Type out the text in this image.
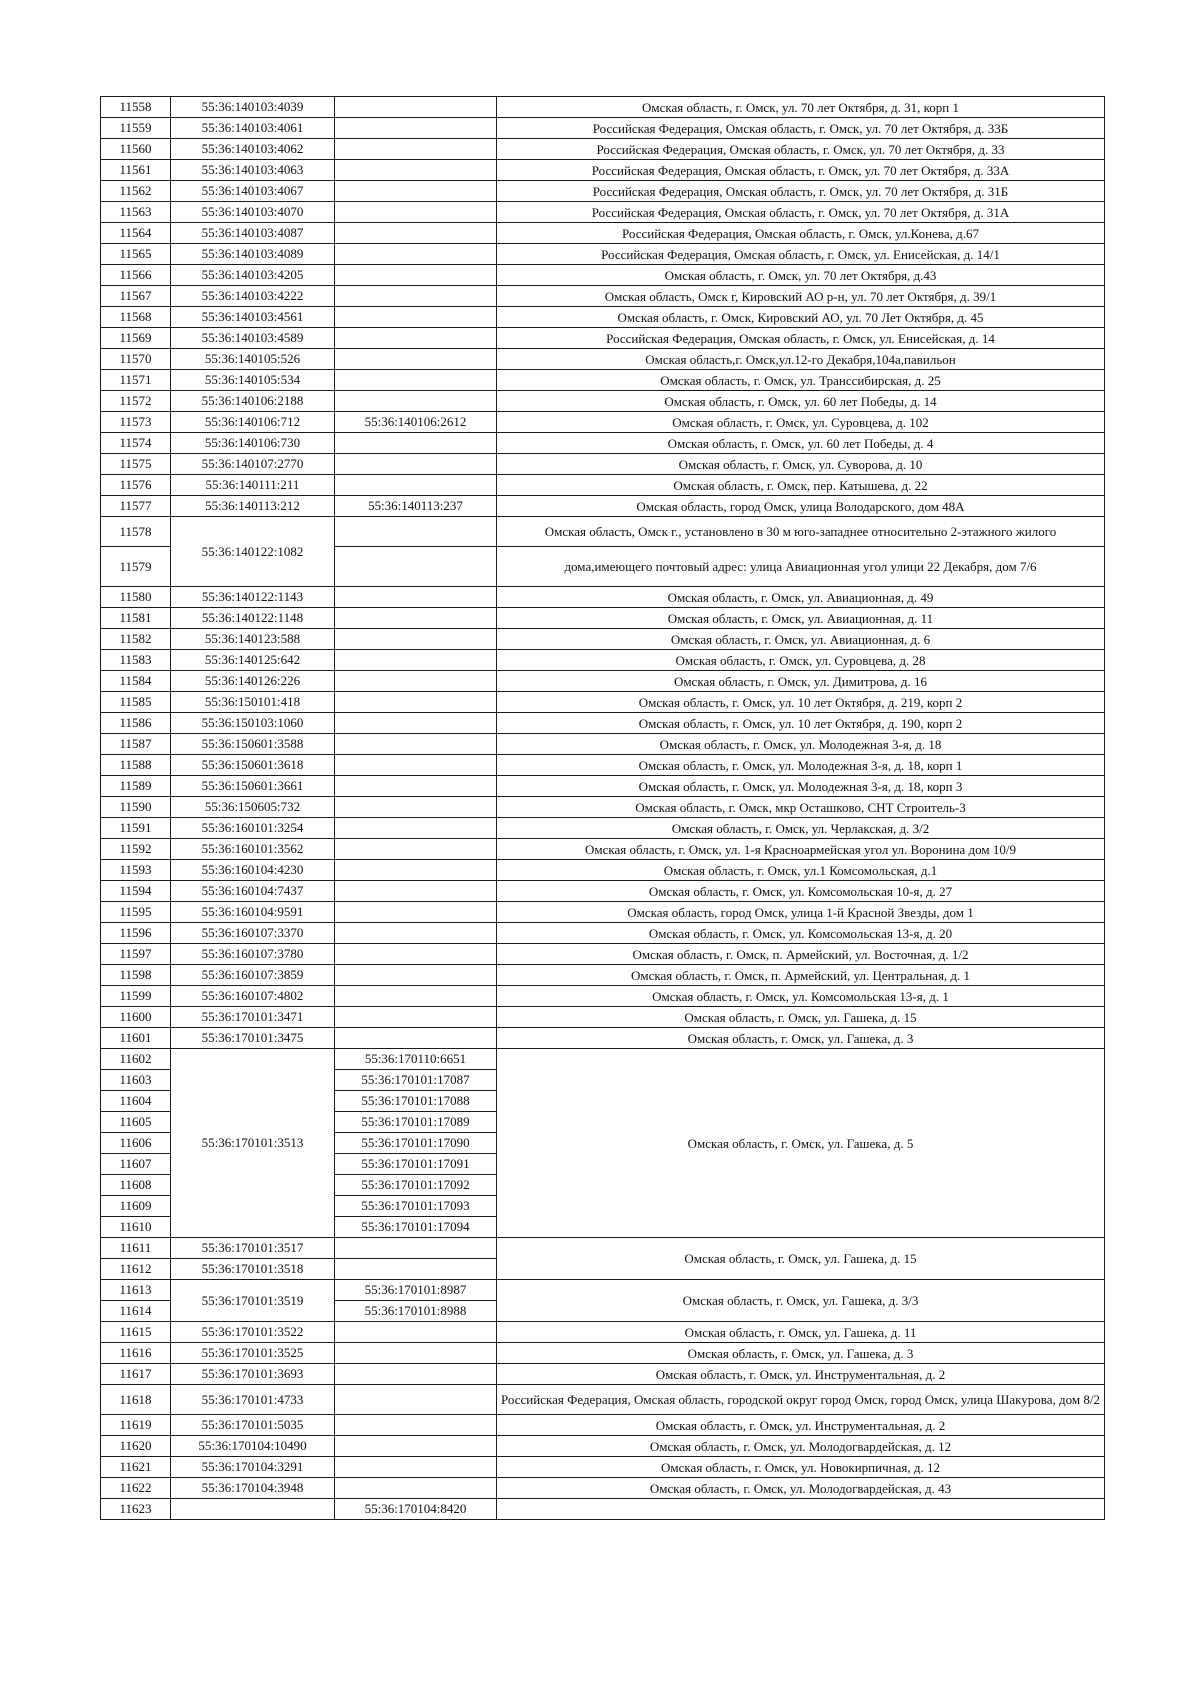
11558	55:36:140103:4039		Омская область, г. Омск, ул. 70 лет Октября, д. 31, корп 1
11559	55:36:140103:4061		Российская Федерация, Омская область, г. Омск, ул. 70 лет Октября, д. 33Б
11560	55:36:140103:4062		Российская Федерация, Омская область, г. Омск, ул. 70 лет Октября, д. 33
11561	55:36:140103:4063		Российская Федерация, Омская область, г. Омск, ул. 70 лет Октября, д. 33А
11562	55:36:140103:4067		Российская Федерация, Омская область, г. Омск, ул. 70 лет Октября, д. 31Б
11563	55:36:140103:4070		Российская Федерация, Омская область, г. Омск, ул. 70 лет Октября, д. 31А
11564	55:36:140103:4087		Российская Федерация, Омская область, г. Омск, ул.Конева, д.67
11565	55:36:140103:4089		Российская Федерация, Омская область, г. Омск, ул. Енисейская, д. 14/1
11566	55:36:140103:4205		Омская область, г. Омск, ул. 70 лет Октября, д.43
11567	55:36:140103:4222		Омская область, Омск г, Кировский АО р-н, ул. 70 лет Октября, д. 39/1
11568	55:36:140103:4561		Омская область, г. Омск, Кировский АО, ул. 70 Лет Октября, д. 45
11569	55:36:140103:4589		Российская Федерация, Омская область, г. Омск, ул. Енисейская, д. 14
11570	55:36:140105:526		Омская область,г. Омск,ул.12-го Декабря,104а,павильон
11571	55:36:140105:534		Омская область, г. Омск, ул. Транссибирская, д. 25
11572	55:36:140106:2188		Омская область, г. Омск, ул. 60 лет Победы, д. 14
11573	55:36:140106:712	55:36:140106:2612	Омская область, г. Омск, ул. Суровцева, д. 102
11574	55:36:140106:730		Омская область, г. Омск, ул. 60 лет Победы, д. 4
11575	55:36:140107:2770		Омская область, г. Омск, ул. Суворова, д. 10
11576	55:36:140111:211		Омская область, г. Омск, пер. Катышева, д. 22
11577	55:36:140113:212	55:36:140113:237	Омская область, город Омск, улица Володарского, дом 48А
11578	55:36:140122:1082		Омская область, Омск г., установлено в 30 м юго-западнее относительно 2-этажного жилого
11579			дома,имеющего почтовый адрес: улица Авиационная угол улици 22 Декабря, дом 7/6
11580	55:36:140122:1143		Омская область, г. Омск, ул. Авиационная, д. 49
11581	55:36:140122:1148		Омская область, г. Омск, ул. Авиационная, д. 11
11582	55:36:140123:588		Омская область, г. Омск, ул. Авиационная, д. 6
11583	55:36:140125:642		Омская область, г. Омск, ул. Суровцева, д. 28
11584	55:36:140126:226		Омская область, г. Омск, ул. Димитрова, д. 16
11585	55:36:150101:418		Омская область, г. Омск, ул. 10 лет Октября, д. 219, корп 2
11586	55:36:150103:1060		Омская область, г. Омск, ул. 10 лет Октября, д. 190, корп 2
11587	55:36:150601:3588		Омская область, г. Омск, ул. Молодежная 3-я, д. 18
11588	55:36:150601:3618		Омская область, г. Омск, ул. Молодежная 3-я, д. 18, корп 1
11589	55:36:150601:3661		Омская область, г. Омск, ул. Молодежная 3-я, д. 18, корп 3
11590	55:36:150605:732		Омская область, г. Омск, мкр Осташково, СНТ Строитель-3
11591	55:36:160101:3254		Омская область, г. Омск, ул. Черлакская, д. 3/2
11592	55:36:160101:3562		Омская область, г. Омск, ул. 1-я Красноармейская угол ул. Воронина дом 10/9
11593	55:36:160104:4230		Омская область, г. Омск, ул.1 Комсомольская, д.1
11594	55:36:160104:7437		Омская область, г. Омск, ул. Комсомольская 10-я, д. 27
11595	55:36:160104:9591		Омская область, город Омск, улица 1-й Красной Звезды, дом 1
11596	55:36:160107:3370		Омская область, г. Омск, ул. Комсомольская 13-я, д. 20
11597	55:36:160107:3780		Омская область, г. Омск, п. Армейский, ул. Восточная, д. 1/2
11598	55:36:160107:3859		Омская область, г. Омск, п. Армейский, ул. Центральная, д. 1
11599	55:36:160107:4802		Омская область, г. Омск, ул. Комсомольская 13-я, д. 1
11600	55:36:170101:3471		Омская область, г. Омск, ул. Гашека, д. 15
11601	55:36:170101:3475		Омская область, г. Омск, ул. Гашека, д. 3
11602	55:36:170101:3513	55:36:170110:6651	Омская область, г. Омск, ул. Гашека, д. 5
11603		55:36:170101:17087	
11604		55:36:170101:17088	
11605		55:36:170101:17089	
11606		55:36:170101:17090	
11607		55:36:170101:17091	
11608		55:36:170101:17092	
11609		55:36:170101:17093	
11610		55:36:170101:17094	
11611	55:36:170101:3517		Омская область, г. Омск, ул. Гашека, д. 15
11612	55:36:170101:3518		
11613	55:36:170101:3519	55:36:170101:8987	Омская область, г. Омск, ул. Гашека, д. 3/3
11614		55:36:170101:8988	
11615	55:36:170101:3522		Омская область, г. Омск, ул. Гашека, д. 11
11616	55:36:170101:3525		Омская область, г. Омск, ул. Гашека, д. 3
11617	55:36:170101:3693		Омская область, г. Омск, ул. Инструментальная, д. 2
11618	55:36:170101:4733		Российская Федерация, Омская область, городской округ город Омск, город Омск, улица Шакурова, дом 8/2
11619	55:36:170101:5035		Омская область, г. Омск, ул. Инструментальная, д. 2
11620	55:36:170104:10490		Омская область, г. Омск, ул. Молодогвардейская, д. 12
11621	55:36:170104:3291		Омская область, г. Омск, ул. Новокирпичная, д. 12
11622	55:36:170104:3948		Омская область, г. Омск, ул. Молодогвардейская, д. 43
11623		55:36:170104:8420	
